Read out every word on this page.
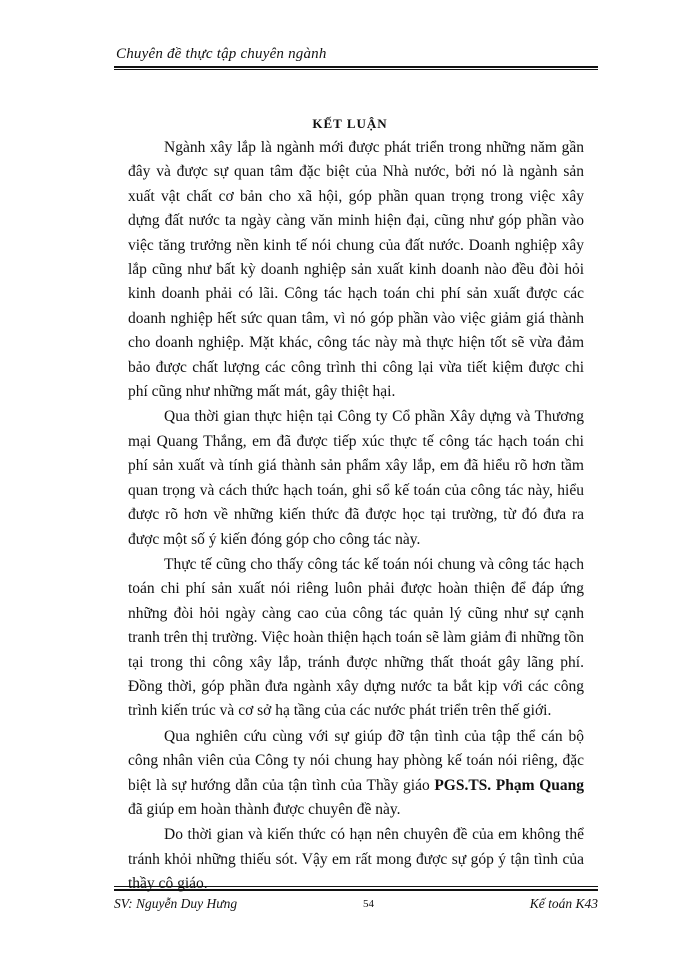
Chuyên đề thực tập chuyên ngành
KẾT LUẬN

Ngành xây lắp là ngành mới được phát triển trong những năm gần đây và được sự quan tâm đặc biệt của Nhà nước, bởi nó là ngành sản xuất vật chất cơ bản cho xã hội, góp phần quan trọng trong việc xây dựng đất nước ta ngày càng văn minh hiện đại, cũng như góp phần vào việc tăng trưởng nền kinh tế nói chung của đất nước. Doanh nghiệp xây lắp cũng như bất kỳ doanh nghiệp sản xuất kinh doanh nào đều đòi hỏi kinh doanh phải có lãi. Công tác hạch toán chi phí sản xuất được các doanh nghiệp hết sức quan tâm, vì nó góp phần vào việc giảm giá thành cho doanh nghiệp. Mặt khác, công tác này mà thực hiện tốt sẽ vừa đảm bảo được chất lượng các công trình thi công lại vừa tiết kiệm được chi phí cũng như những mất mát, gây thiệt hại.

Qua thời gian thực hiện tại Công ty Cổ phần Xây dựng và Thương mại Quang Thắng, em đã được tiếp xúc thực tế công tác hạch toán chi phí sản xuất và tính giá thành sản phẩm xây lắp, em đã hiểu rõ hơn tầm quan trọng và cách thức hạch toán, ghi sổ kế toán của công tác này, hiểu được rõ hơn về những kiến thức đã được học tại trường, từ đó đưa ra được một số ý kiến đóng góp cho công tác này.

Thực tế cũng cho thấy công tác kế toán nói chung và công tác hạch toán chi phí sản xuất nói riêng luôn phải được hoàn thiện để đáp ứng những đòi hỏi ngày càng cao của công tác quản lý cũng như sự cạnh tranh trên thị trường. Việc hoàn thiện hạch toán sẽ làm giảm đi những tồn tại trong thi công xây lắp, tránh được những thất thoát gây lãng phí. Đồng thời, góp phần đưa ngành xây dựng nước ta bắt kịp với các công trình kiến trúc và cơ sở hạ tầng của các nước phát triển trên thế giới.

Qua nghiên cứu cùng với sự giúp đỡ tận tình của tập thể cán bộ công nhân viên của Công ty nói chung hay phòng kế toán nói riêng, đặc biệt là sự hướng dẫn của tận tình của Thầy giáo PGS.TS. Phạm Quang đã giúp em hoàn thành được chuyên đề này.

Do thời gian và kiến thức có hạn nên chuyên đề của em không thể tránh khỏi những thiếu sót. Vậy em rất mong được sự góp ý tận tình của thầy cô giáo.

SV: Nguyễn Duy Hưng	54	Kế toán K43
